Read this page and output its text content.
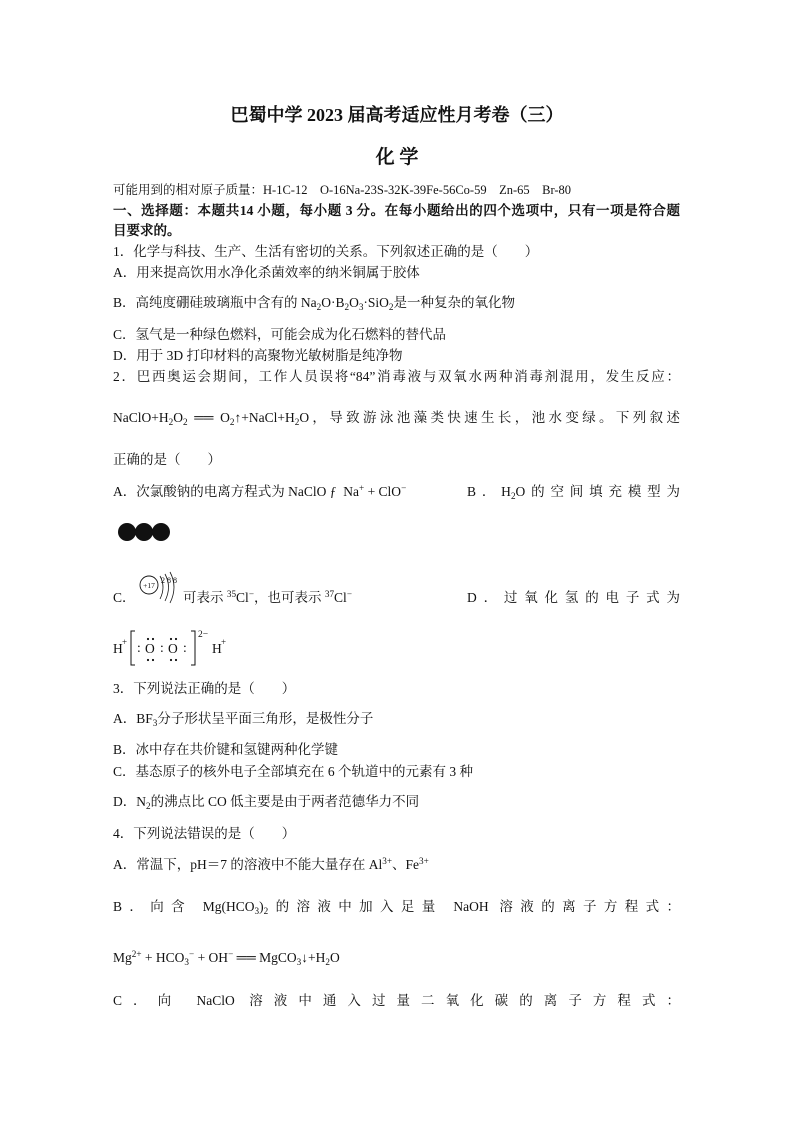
巴蜀中学 2023 届高考适应性月考卷（三）
化 学
可能用到的相对原子质量：H-1C-12　O-16Na-23S-32K-39Fe-56Co-59　Zn-65　Br-80
一、选择题：本题共14 小题，每小题 3 分。在每小题给出的四个选项中，只有一项是符合题
目要求的。
1．化学与科技、生产、生活有密切的关系。下列叙述正确的是（　　）
A．用来提高饮用水净化杀菌效率的纳米铜属于胶体
B．高纯度硼硅玻璃瓶中含有的 $Na_2O\cdot B_2O_3\cdot SiO_2$是一种复杂的氧化物
C．氢气是一种绿色燃料，可能会成为化石燃料的替代品
D．用于 3D 打印材料的高聚物光敏树脂是纯净物
2．巴西奥运会期间，工作人员误将“84”消毒液与双氧水两种消毒剂混用，发生反应：
$NaClO+H_2O_2$ ══ $O_2↑+NaCl+H_2O$，导致游泳池藻类快速生长，池水变绿。下列叙述
正确的是（　　）
A．次氯酸钠的电离方程式为 NaClO ƒ  Na+ + ClO−	B．$H_2O$的空间填充模型为
C．
+17
2 8 8
可表示 $^{35}$Cl−，也可表示 $^{37}$Cl−	D．过氧化氢的电子式为
H + : O : O :
2−
H +
3．下列说法正确的是（　　）
A．$BF_3$分子形状呈平面三角形，是极性分子
B．冰中存在共价键和氢键两种化学键
C．基态原子的核外电子全部填充在 6 个轨道中的元素有 3 种
D．$N_2$的沸点比 CO 低主要是由于两者范德华力不同
4．下列说法错误的是（　　）
A．常温下，pH＝7 的溶液中不能大量存在 $Al^{3+}$、$Fe^{3+}$
B．向含 $Mg(HCO_3)_2$的溶液中加入足量 NaOH 溶液的离子方程式：
$Mg^{2+} + HCO_3^- + OH^-$ ══ $MgCO_3↓+H_2O$
C．向 NaClO 溶液中通入过量二氧化碳的离子方程式：
